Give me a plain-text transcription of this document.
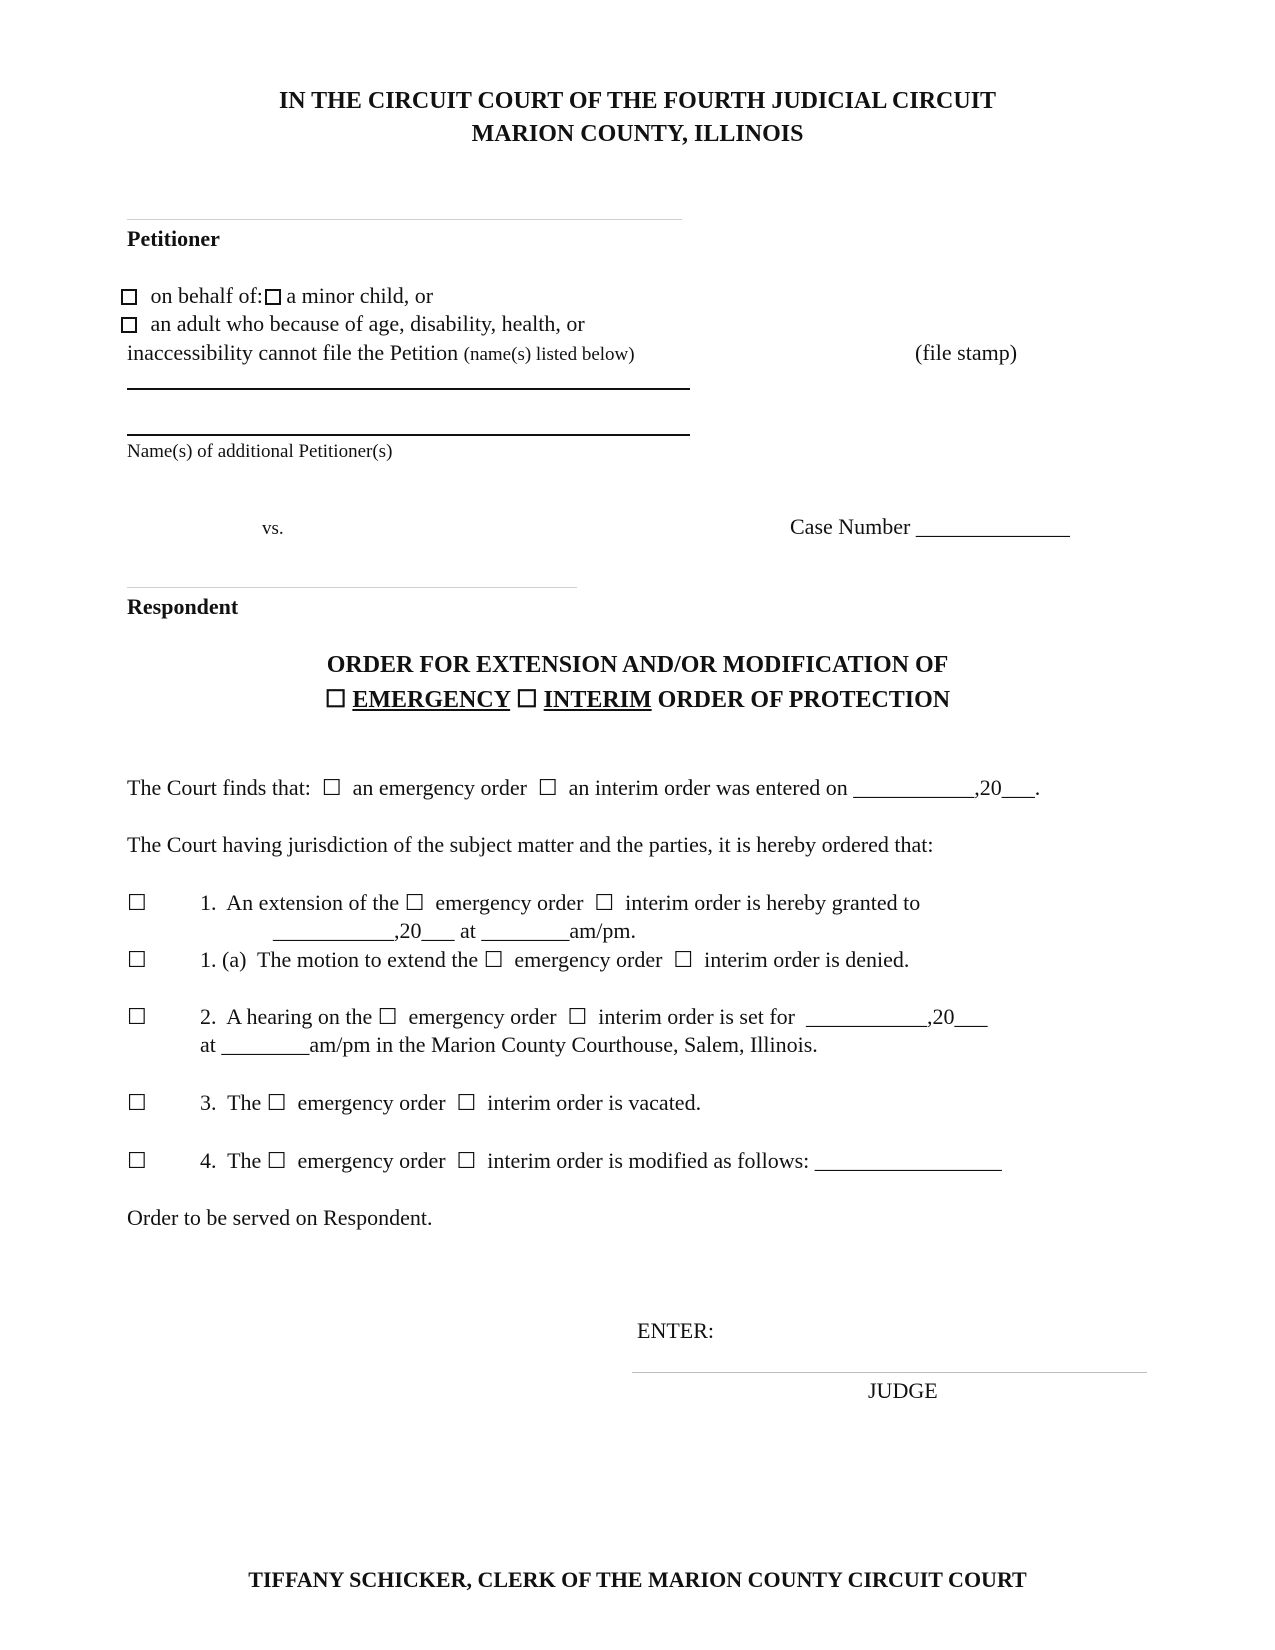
IN THE CIRCUIT COURT OF THE FOURTH JUDICIAL CIRCUIT
MARION COUNTY, ILLINOIS
Petitioner
on behalf of: a minor child, or
an adult who because of age, disability, health, or
inaccessibility cannot file the Petition (name(s) listed below)	(file stamp)
Name(s) of additional Petitioner(s)
vs.	Case Number ______________
Respondent
ORDER FOR EXTENSION AND/OR MODIFICATION OF
☐ EMERGENCY ☐ INTERIM ORDER OF PROTECTION
The Court finds that:  ☐  an emergency order  ☐  an interim order was entered on ___________,20___.
The Court having jurisdiction of the subject matter and the parties, it is hereby ordered that:
☐ 1.  An extension of the ☐  emergency order  ☐  interim order is hereby granted to
___________,20___ at ________am/pm.
☐ 1. (a)  The motion to extend the ☐  emergency order  ☐  interim order is denied.
☐ 2.  A hearing on the ☐  emergency order  ☐  interim order is set for  ___________,20___
at ________am/pm in the Marion County Courthouse, Salem, Illinois.
☐ 3.  The ☐  emergency order  ☐  interim order is vacated.
☐ 4.  The ☐  emergency order  ☐  interim order is modified as follows: _________________
Order to be served on Respondent.
ENTER:
JUDGE
TIFFANY SCHICKER, CLERK OF THE MARION COUNTY CIRCUIT COURT
